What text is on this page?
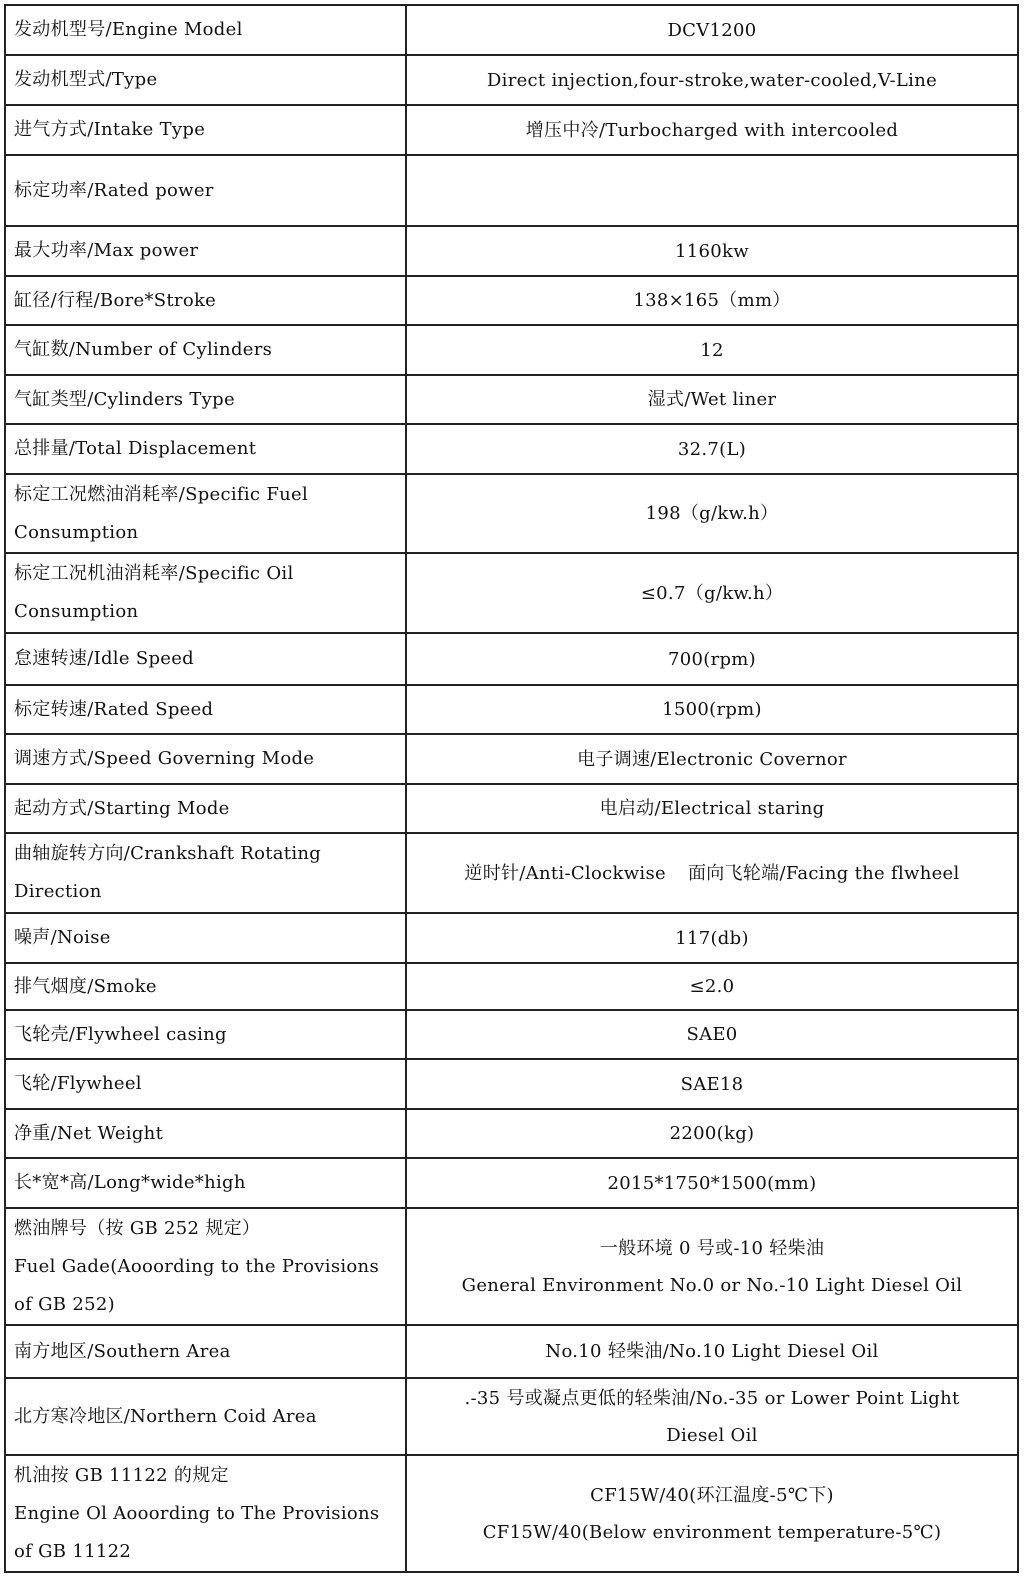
发动机型号/Engine Model	DCV1200

发动机型式/Type	Direct injection,four-stroke,water-cooled,V-Line

进气方式/Intake Type	增压中冷/Turbocharged with intercooled

标定功率/Rated power	

最大功率/Max power	1160kw

缸径/行程/Bore*Stroke	138×165（mm）

气缸数/Number of Cylinders	12

气缸类型/Cylinders Type	湿式/Wet liner

总排量/Total Displacement	32.7(L)

标定工况燃油消耗率/Specific Fuel
Consumption	198（g/kw.h）

标定工况机油消耗率/Specific Oil
Consumption	≤0.7（g/kw.h）

怠速转速/Idle Speed	700(rpm)

标定转速/Rated Speed	1500(rpm)

调速方式/Speed Governing Mode	电子调速/Electronic Covernor

起动方式/Starting Mode	电启动/Electrical staring

曲轴旋转方向/Crankshaft Rotating
Direction	逆时针/Anti-Clockwise 面向飞轮端/Facing the flwheel

噪声/Noise	117(db)

排气烟度/Smoke	≤2.0

飞轮壳/Flywheel casing	SAE0

飞轮/Flywheel	SAE18

净重/Net Weight	2200(kg)

长*宽*高/Long*wide*high	2015*1750*1500(mm)

燃油牌号（按 GB 252 规定）
Fuel Gade(Aooording to the Provisions
of GB 252)	一般环境 0 号或-10 轻柴油
General Environment No.0 or No.-10 Light Diesel Oil

南方地区/Southern Area	No.10 轻柴油/No.10 Light Diesel Oil

北方寒冷地区/Northern Coid Area	.-35 号或凝点更低的轻柴油/No.-35 or Lower Point Light
Diesel Oil

机油按 GB 11122 的规定
Engine Ol Aooording to The Provisions
of GB 11122	CF15W/40(环江温度-5℃下)
CF15W/40(Below environment temperature-5℃)
